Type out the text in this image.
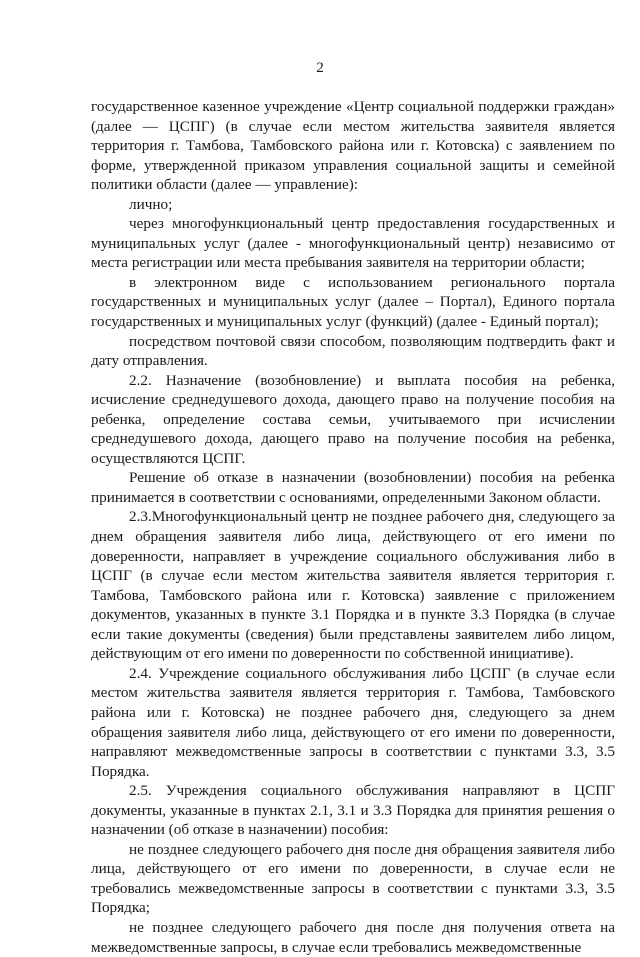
2

государственное казенное учреждение «Центр социальной поддержки граждан» (далее — ЦСПГ) (в случае если местом жительства заявителя является территория г. Тамбова, Тамбовского района или г. Котовска) с заявлением по форме, утвержденной приказом управления социальной защиты и семейной политики области (далее — управление):

лично;

через многофункциональный центр предоставления государственных и муниципальных услуг (далее - многофункциональный центр) независимо от места регистрации или места пребывания заявителя на территории области;

в электронном виде с использованием регионального портала государственных и муниципальных услуг (далее – Портал), Единого портала государственных и муниципальных услуг (функций) (далее - Единый портал);

посредством почтовой связи способом, позволяющим подтвердить факт и дату отправления.

2.2. Назначение (возобновление) и выплата пособия на ребенка, исчисление среднедушевого дохода, дающего право на получение пособия на ребенка, определение состава семьи, учитываемого при исчислении среднедушевого дохода, дающего право на получение пособия на ребенка, осуществляются ЦСПГ.

Решение об отказе в назначении (возобновлении) пособия на ребенка принимается в соответствии с основаниями, определенными Законом области.

2.3.Многофункциональный центр не позднее рабочего дня, следующего за днем обращения заявителя либо лица, действующего от его имени по доверенности, направляет в учреждение социального обслуживания либо в ЦСПГ (в случае если местом жительства заявителя является территория г. Тамбова, Тамбовского района или г. Котовска) заявление с приложением документов, указанных в пункте 3.1 Порядка и в пункте 3.3 Порядка (в случае если такие документы (сведения) были представлены заявителем либо лицом, действующим от его имени по доверенности по собственной инициативе).

2.4. Учреждение социального обслуживания либо ЦСПГ (в случае если местом жительства заявителя является территория г. Тамбова, Тамбовского района или г. Котовска) не позднее рабочего дня, следующего за днем обращения заявителя либо лица, действующего от его имени по доверенности, направляют межведомственные запросы в соответствии с пунктами 3.3, 3.5 Порядка.

2.5. Учреждения социального обслуживания направляют в ЦСПГ документы, указанные в пунктах 2.1, 3.1 и 3.3 Порядка для принятия решения о назначении (об отказе в назначении) пособия:

не позднее следующего рабочего дня после дня обращения заявителя либо лица, действующего от его имени по доверенности, в случае если не требовались межведомственные запросы в соответствии с пунктами 3.3, 3.5 Порядка;

не позднее следующего рабочего дня после дня получения ответа на межведомственные запросы, в случае если требовались межведомственные
